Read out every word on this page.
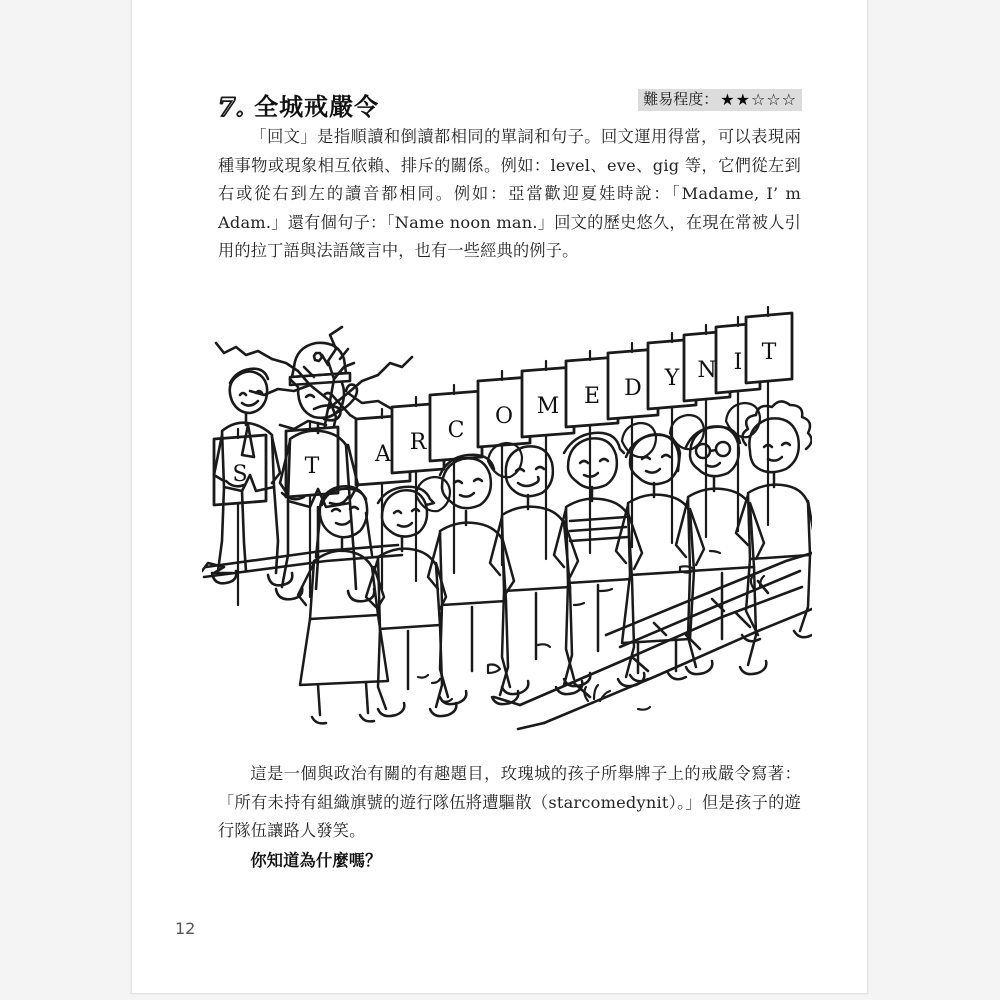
7. 全城戒嚴令	難易程度： ★★☆☆☆
「回文」是指順讀和倒讀都相同的單詞和句子。回文運用得當，可以表現兩種事物或現象相互依賴、排斥的關係。例如：level、eve、gig 等，它們從左到右或從右到左的讀音都相同。例如：亞當歡迎夏娃時說：「Madame, I’ m Adam.」還有個句子：「Name noon man.」回文的歷史悠久，在現在常被人引用的拉丁語與法語箴言中，也有一些經典的例子。
S	T	A R C
O M E D Y N I T
這是一個與政治有關的有趣題目，玫瑰城的孩子所舉牌子上的戒嚴令寫著：「所有未持有組織旗號的遊行隊伍將遭驅散（starcomedynit）。」但是孩子的遊行隊伍讓路人發笑。
你知道為什麼嗎？
12
